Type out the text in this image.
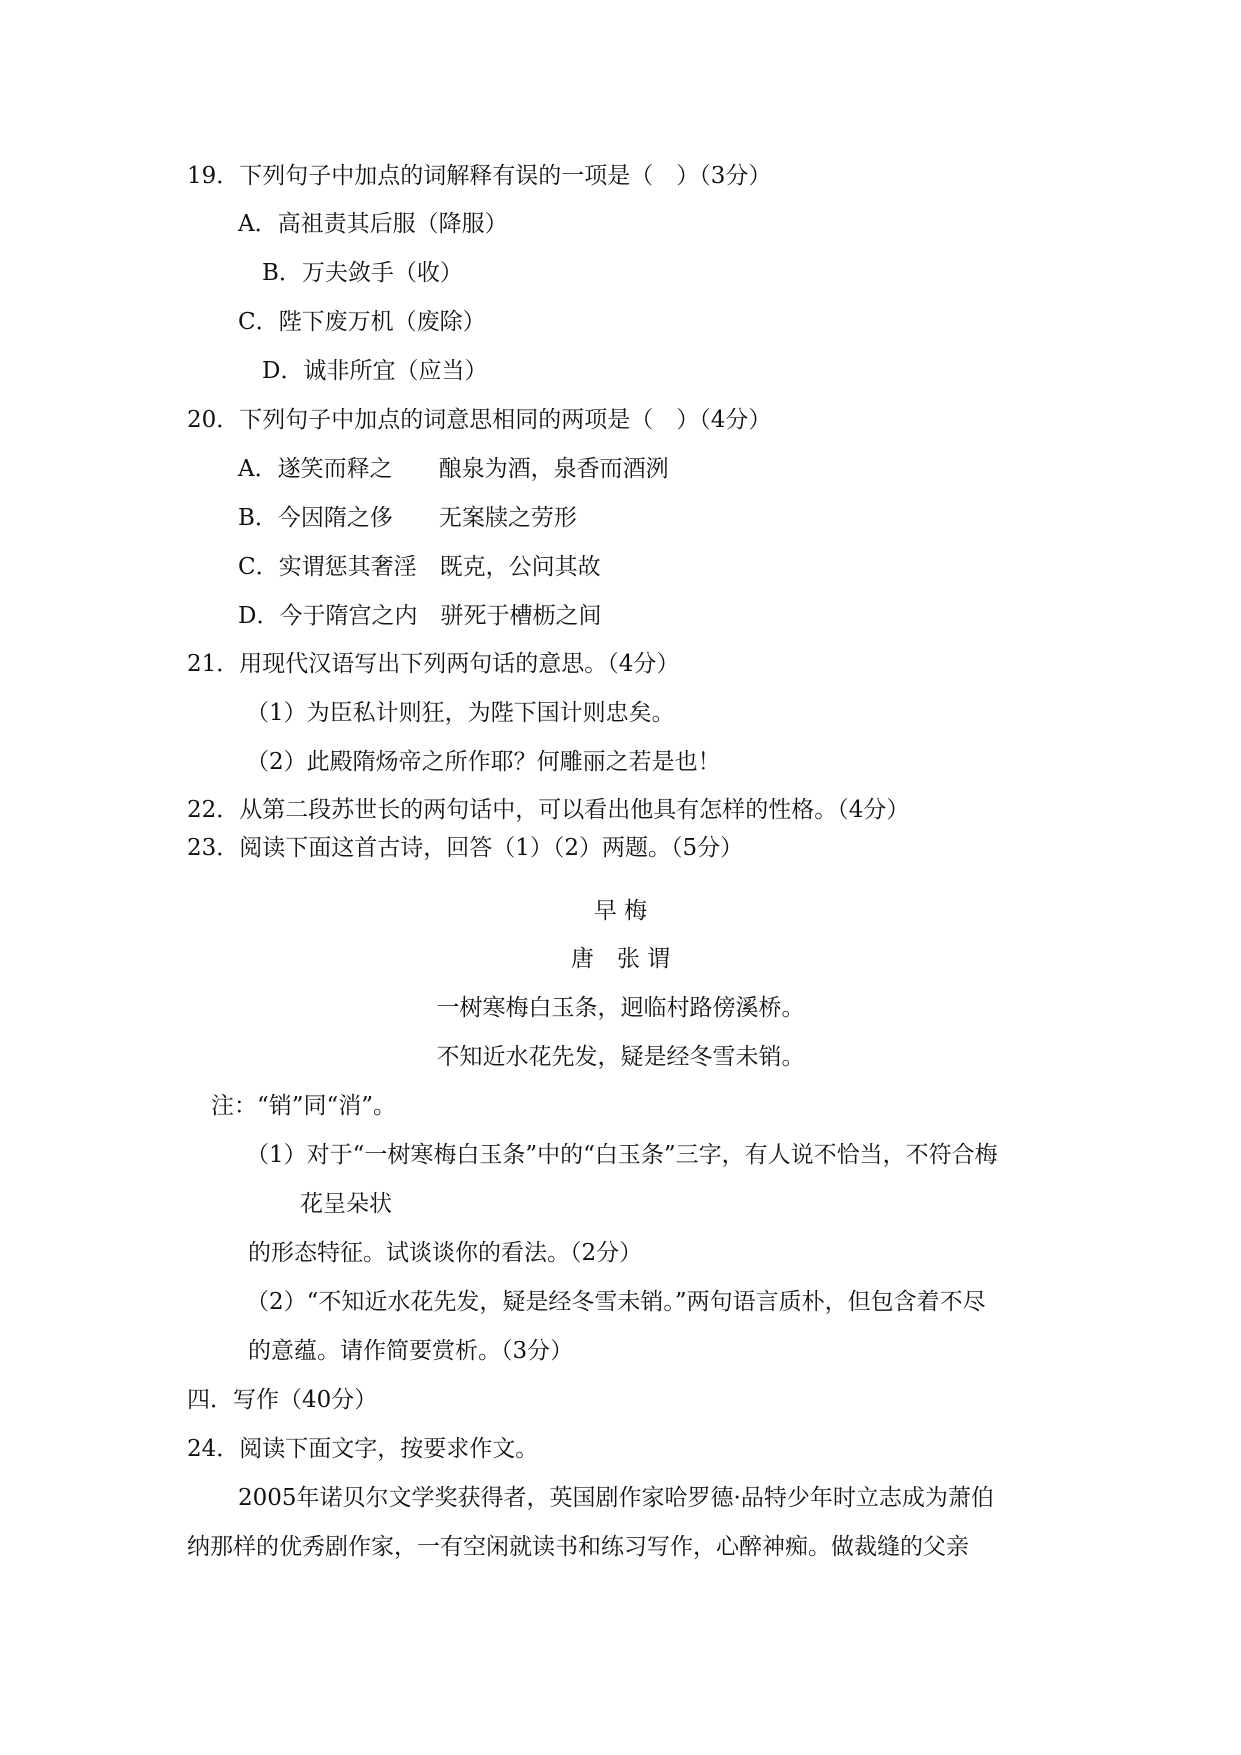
19．下列句子中加点的词解释有误的一项是（　）（3分）
A．高祖责其后服（降服）
B．万夫敛手（收）
C．陛下废万机（废除）
D．诚非所宜（应当）
20．下列句子中加点的词意思相同的两项是（　）（4分）
A．遂笑而释之　　酿泉为酒，泉香而酒洌
B．今因隋之侈　　无案牍之劳形
C．实谓惩其奢淫　既克，公问其故
D．今于隋宫之内　骈死于槽枥之间
21．用现代汉语写出下列两句话的意思。（4分）
（1）为臣私计则狂，为陛下国计则忠矣。
（2）此殿隋炀帝之所作耶？何雕丽之若是也！
22．从第二段苏世长的两句话中，可以看出他具有怎样的性格。（4分）
23．阅读下面这首古诗，回答（1）（2）两题。（5分）
早 梅
唐　张 谓
一树寒梅白玉条，迥临村路傍溪桥。
不知近水花先发，疑是经冬雪未销。
注：“销”同“消”。
（1）对于“一树寒梅白玉条”中的“白玉条”三字，有人说不恰当，不符合梅
花呈朵状
的形态特征。试谈谈你的看法。（2分）
（2）“不知近水花先发，疑是经冬雪未销。”两句语言质朴，但包含着不尽
的意蕴。请作简要赏析。（3分）
四．写作（40分）
24．阅读下面文字，按要求作文。
2005年诺贝尔文学奖获得者，英国剧作家哈罗德·品特少年时立志成为萧伯
纳那样的优秀剧作家，一有空闲就读书和练习写作，心醉神痴。做裁缝的父亲
